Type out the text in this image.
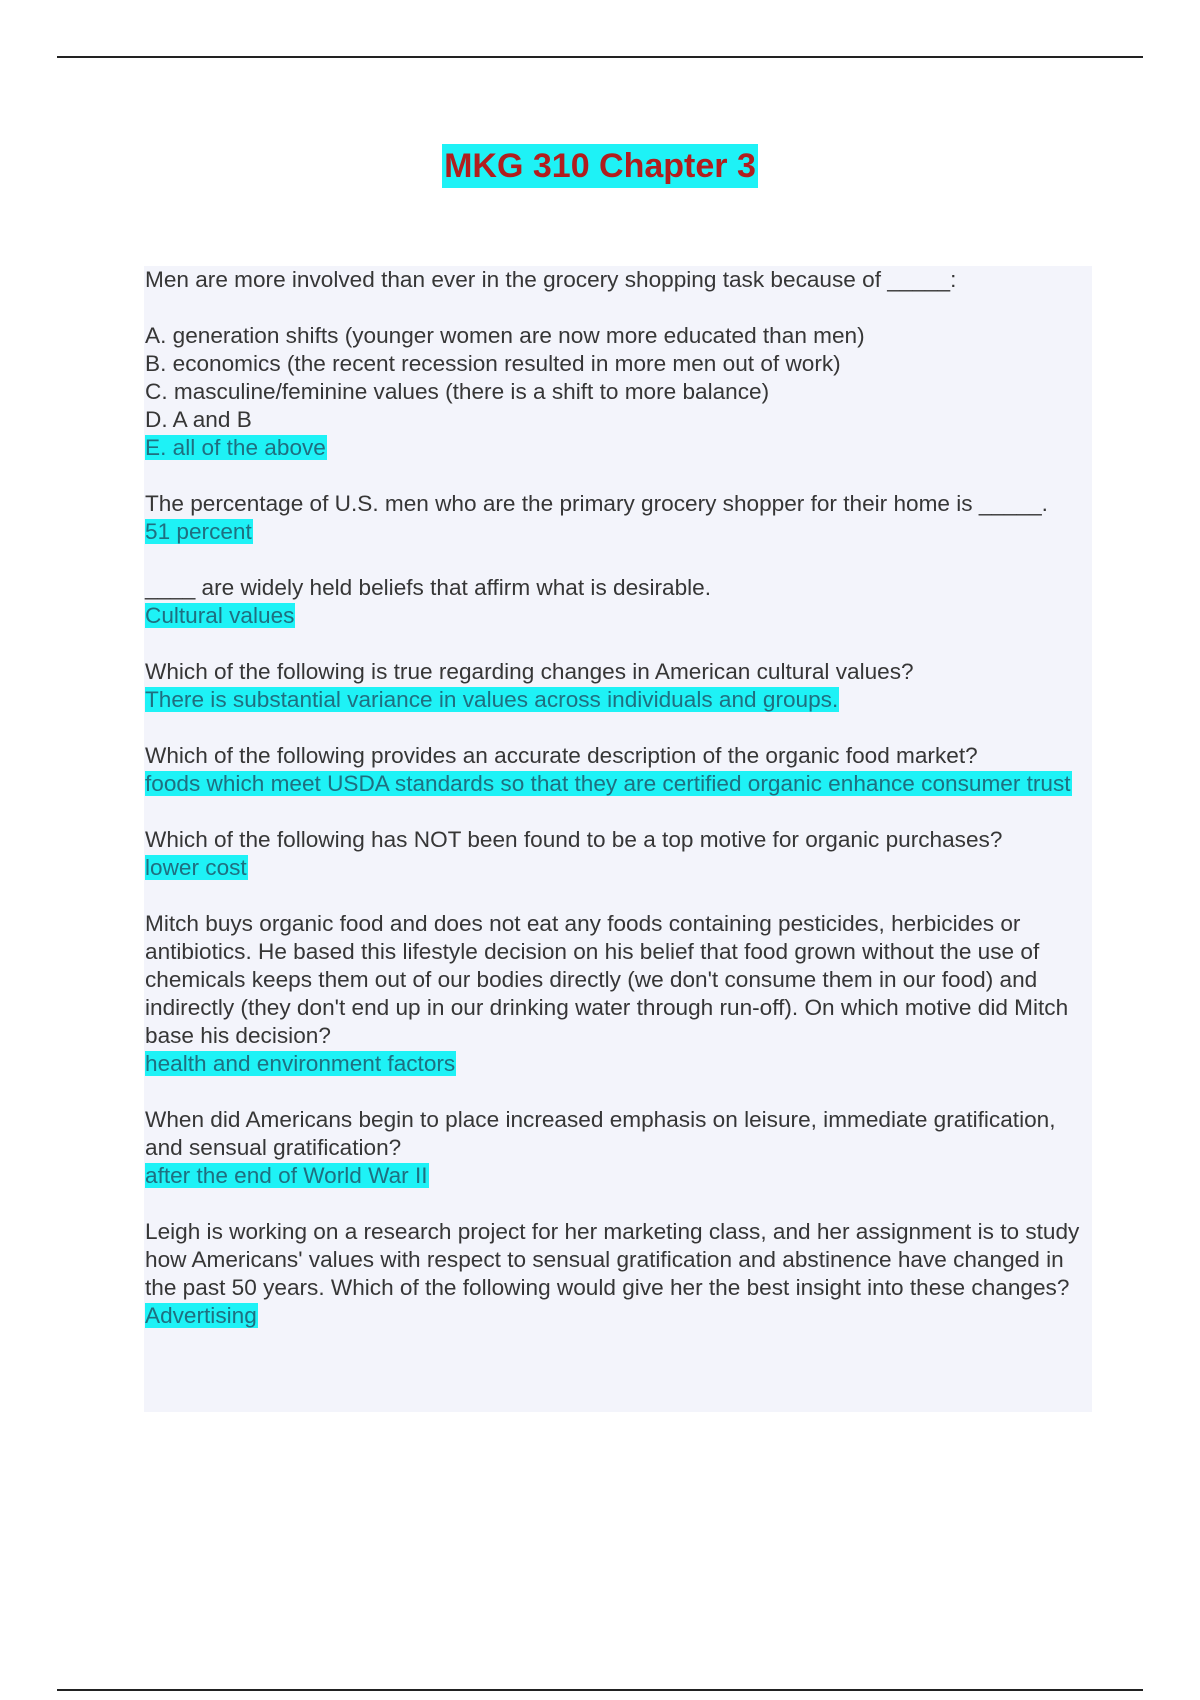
MKG 310 Chapter 3
Men are more involved than ever in the grocery shopping task because of _____:
A. generation shifts (younger women are now more educated than men)
B. economics (the recent recession resulted in more men out of work)
C. masculine/feminine values (there is a shift to more balance)
D. A and B
E. all of the above
The percentage of U.S. men who are the primary grocery shopper for their home is _____.
51 percent
____ are widely held beliefs that affirm what is desirable.
Cultural values
Which of the following is true regarding changes in American cultural values?
There is substantial variance in values across individuals and groups.
Which of the following provides an accurate description of the organic food market?
foods which meet USDA standards so that they are certified organic enhance consumer trust
Which of the following has NOT been found to be a top motive for organic purchases?
lower cost
Mitch buys organic food and does not eat any foods containing pesticides, herbicides or antibiotics. He based this lifestyle decision on his belief that food grown without the use of chemicals keeps them out of our bodies directly (we don't consume them in our food) and indirectly (they don't end up in our drinking water through run-off). On which motive did Mitch base his decision?
health and environment factors
When did Americans begin to place increased emphasis on leisure, immediate gratification, and sensual gratification?
after the end of World War II
Leigh is working on a research project for her marketing class, and her assignment is to study how Americans' values with respect to sensual gratification and abstinence have changed in the past 50 years. Which of the following would give her the best insight into these changes?
Advertising
